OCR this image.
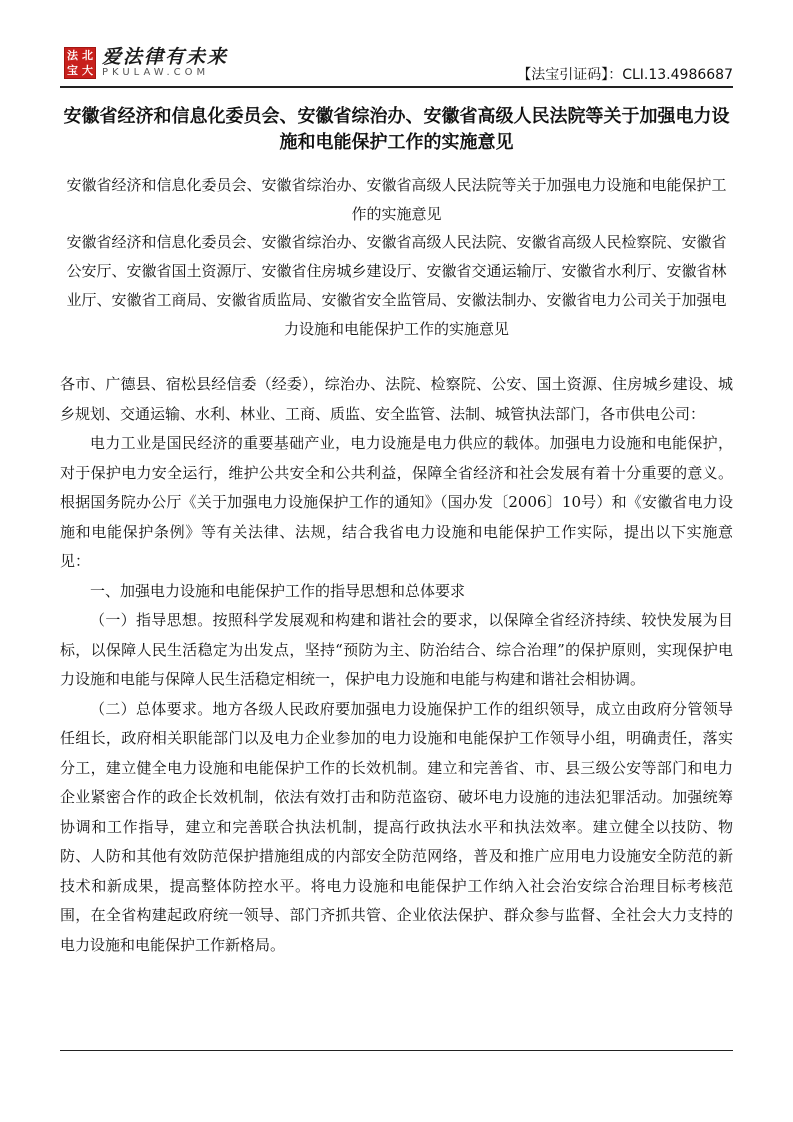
法 北
宝 大
爱法律有未来
PKULAW.COM	【法宝引证码】：CLI.13.4986687
安徽省经济和信息化委员会、安徽省综治办、安徽省高级人民法院等关于加强电力设施和电能保护工作的实施意见

安徽省经济和信息化委员会、安徽省综治办、安徽省高级人民法院等关于加强电力设施和电能保护工作的实施意见

安徽省经济和信息化委员会、安徽省综治办、安徽省高级人民法院、安徽省高级人民检察院、安徽省公安厅、安徽省国土资源厅、安徽省住房城乡建设厅、安徽省交通运输厅、安徽省水利厅、安徽省林业厅、安徽省工商局、安徽省质监局、安徽省安全监管局、安徽法制办、安徽省电力公司关于加强电力设施和电能保护工作的实施意见

各市、广德县、宿松县经信委（经委），综治办、法院、检察院、公安、国土资源、住房城乡建设、城乡规划、交通运输、水利、林业、工商、质监、安全监管、法制、城管执法部门，各市供电公司：

电力工业是国民经济的重要基础产业，电力设施是电力供应的载体。加强电力设施和电能保护，对于保护电力安全运行，维护公共安全和公共利益，保障全省经济和社会发展有着十分重要的意义。根据国务院办公厅《关于加强电力设施保护工作的通知》（国办发〔2006〕10号）和《安徽省电力设施和电能保护条例》等有关法律、法规，结合我省电力设施和电能保护工作实际，提出以下实施意见：

一、加强电力设施和电能保护工作的指导思想和总体要求

（一）指导思想。按照科学发展观和构建和谐社会的要求，以保障全省经济持续、较快发展为目标，以保障人民生活稳定为出发点，坚持“预防为主、防治结合、综合治理”的保护原则，实现保护电力设施和电能与保障人民生活稳定相统一，保护电力设施和电能与构建和谐社会相协调。

（二）总体要求。地方各级人民政府要加强电力设施保护工作的组织领导，成立由政府分管领导任组长，政府相关职能部门以及电力企业参加的电力设施和电能保护工作领导小组，明确责任，落实分工，建立健全电力设施和电能保护工作的长效机制。建立和完善省、市、县三级公安等部门和电力企业紧密合作的政企长效机制，依法有效打击和防范盗窃、破坏电力设施的违法犯罪活动。加强统筹协调和工作指导，建立和完善联合执法机制，提高行政执法水平和执法效率。建立健全以技防、物防、人防和其他有效防范保护措施组成的内部安全防范网络，普及和推广应用电力设施安全防范的新技术和新成果，提高整体防控水平。将电力设施和电能保护工作纳入社会治安综合治理目标考核范围，在全省构建起政府统一领导、部门齐抓共管、企业依法保护、群众参与监督、全社会大力支持的电力设施和电能保护工作新格局。
